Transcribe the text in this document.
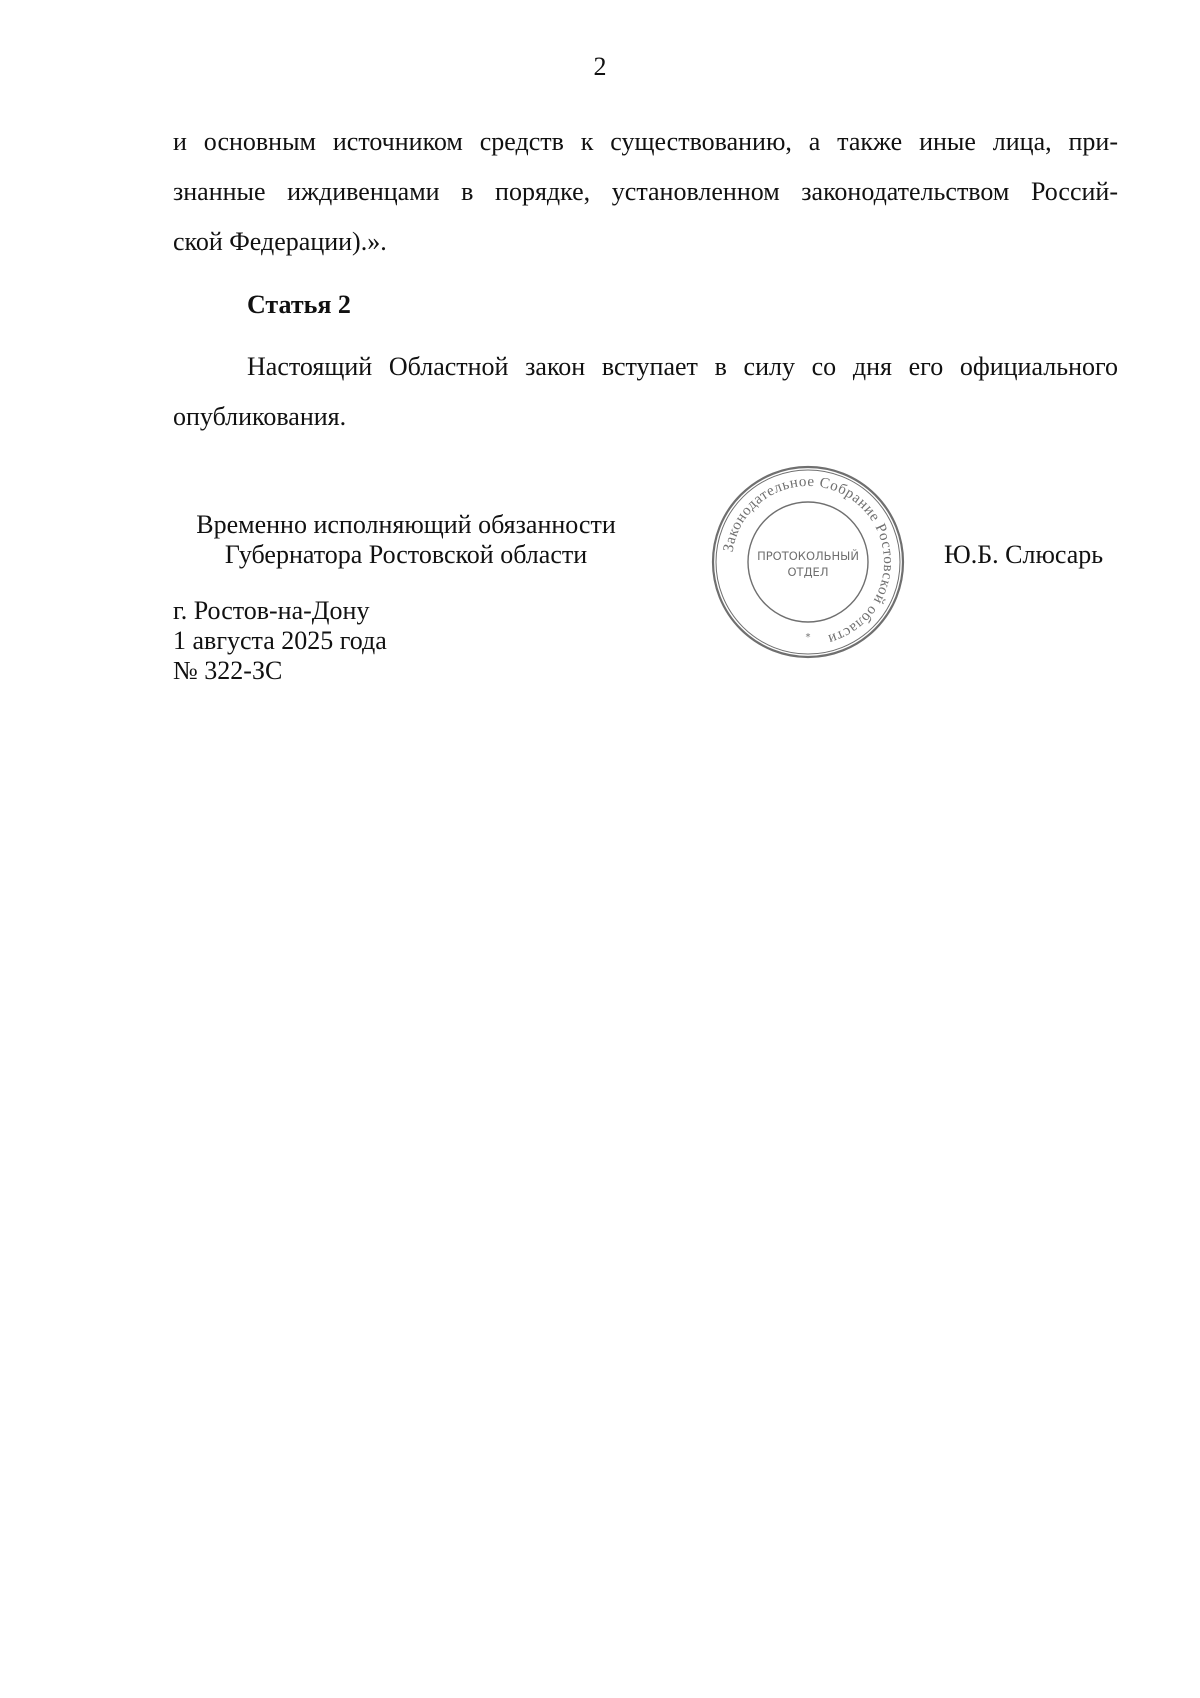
2
и основным источником средств к существованию, а также иные лица, при-
знанные иждивенцами в порядке, установленном законодательством Россий-
ской Федерации).».
Статья 2
Настоящий Областной закон вступает в силу со дня его официального
опубликования.
Временно исполняющий обязанности
Губернатора Ростовской области	Законодательное Собрание Ростовской области
ПРОТОКОЛЬНЫЙ
ОТДЕЛ
*
Ю.Б. Слюсарь
г. Ростов-на-Дону
1 августа 2025 года
№ 322-ЗС
